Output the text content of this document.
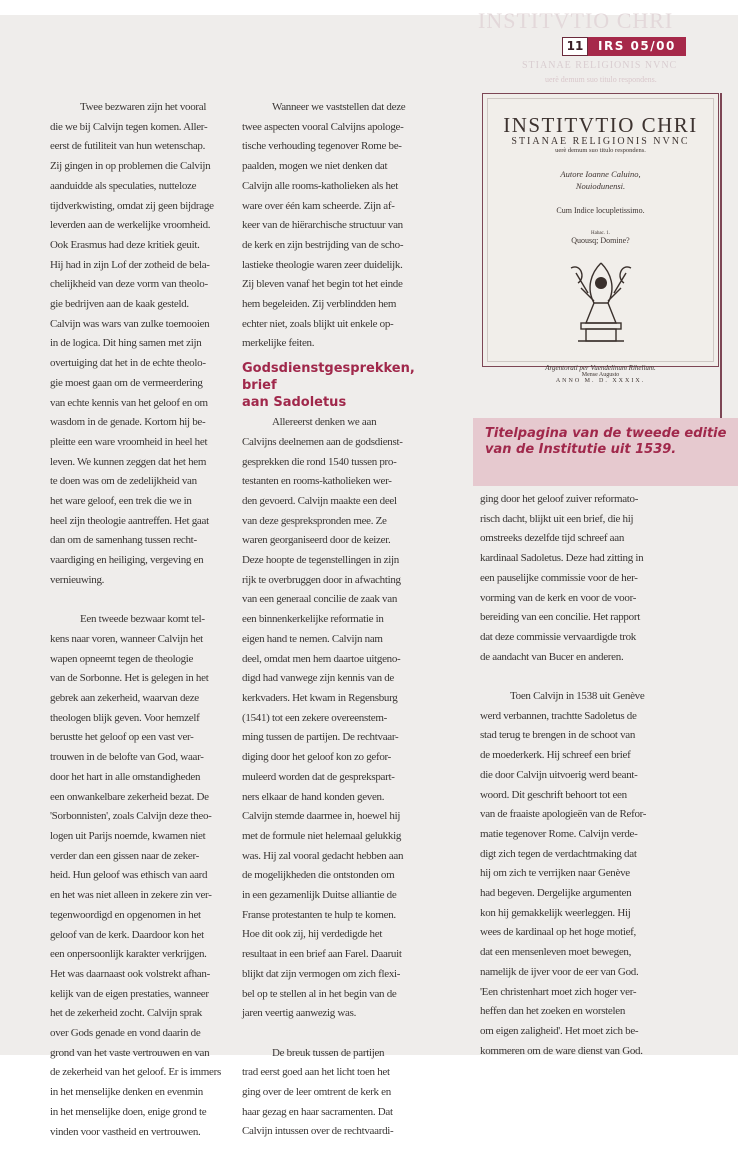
INSTITVTIO CHRI
11	IRS 05/00
STIANAE RELIGIONIS NVNC
uerè demum suo titulo respondens.
Twee bezwaren zijn het vooral
die we bij Calvijn tegen komen. Aller-
eerst de futiliteit van hun wetenschap.
Zij gingen in op problemen die Calvijn
aanduidde als speculaties, nutteloze
tijdverkwisting, omdat zij geen bijdrage
leverden aan de werkelijke vroomheid.
Ook Erasmus had deze kritiek geuit.
Hij had in zijn Lof der zotheid de bela-
chelijkheid van deze vorm van theolo-
gie bedrijven aan de kaak gesteld.
Calvijn was wars van zulke toemooien
in de logica. Dit hing samen met zijn
overtuiging dat het in de echte theolo-
gie moest gaan om de vermeerdering
van echte kennis van het geloof en om
wasdom in de genade. Kortom hij be-
pleitte een ware vroomheid in heel het
leven. We kunnen zeggen dat het hem
te doen was om de zedelijkheid van
het ware geloof, een trek die we in
heel zijn theologie aantreffen. Het gaat
dan om de samenhang tussen recht-
vaardiging en heiliging, vergeving en
vernieuwing.
Een tweede bezwaar komt tel-
kens naar voren, wanneer Calvijn het
wapen opneemt tegen de theologie
van de Sorbonne. Het is gelegen in het
gebrek aan zekerheid, waarvan deze
theologen blijk geven. Voor hemzelf
berustte het geloof op een vast ver-
trouwen in de belofte van God, waar-
door het hart in alle omstandigheden
een onwankelbare zekerheid bezat. De
'Sorbonnisten', zoals Calvijn deze theo-
logen uit Parijs noemde, kwamen niet
verder dan een gissen naar de zeker-
heid. Hun geloof was ethisch van aard
en het was niet alleen in zekere zin ver-
tegenwoordigd en opgenomen in het
geloof van de kerk. Daardoor kon het
een onpersoonlijk karakter verkrijgen.
Het was daarnaast ook volstrekt afhan-
kelijk van de eigen prestaties, wanneer
het de zekerheid zocht. Calvijn sprak
over Gods genade en vond daarin de
grond van het vaste vertrouwen en van
de zekerheid van het geloof. Er is immers
in het menselijke denken en evenmin
in het menselijke doen, enige grond te
vinden voor vastheid en vertrouwen.
Wanneer we vaststellen dat deze
twee aspecten vooral Calvijns apologe-
tische verhouding tegenover Rome be-
paalden, mogen we niet denken dat
Calvijn alle rooms-katholieken als het
ware over één kam scheerde. Zijn af-
keer van de hiërarchische structuur van
de kerk en zijn bestrijding van de scho-
lastieke theologie waren zeer duidelijk.
Zij bleven vanaf het begin tot het einde
hem begeleiden. Zij verblindden hem
echter niet, zoals blijkt uit enkele op-
merkelijke feiten.
Godsdienstgesprekken, brief
aan Sadoletus
Allereerst denken we aan
Calvijns deelnemen aan de godsdienst-
gesprekken die rond 1540 tussen pro-
testanten en rooms-katholieken wer-
den gevoerd. Calvijn maakte een deel
van deze gesprekspronden mee. Ze
waren georganiseerd door de keizer.
Deze hoopte de tegenstellingen in zijn
rijk te overbruggen door in afwachting
van een generaal concilie de zaak van
een binnenkerkelijke reformatie in
eigen hand te nemen. Calvijn nam
deel, omdat men hem daartoe uitgeno-
digd had vanwege zijn kennis van de
kerkvaders. Het kwam in Regensburg
(1541) tot een zekere overeenstem-
ming tussen de partijen. De rechtvaar-
diging door het geloof kon zo gefor-
muleerd worden dat de gesprekspart-
ners elkaar de hand konden geven.
Calvijn stemde daarmee in, hoewel hij
met de formule niet helemaal gelukkig
was. Hij zal vooral gedacht hebben aan
de mogelijkheden die ontstonden om
in een gezamenlijk Duitse alliantie de
Franse protestanten te hulp te komen.
Hoe dit ook zij, hij verdedigde het
resultaat in een brief aan Farel. Daaruit
blijkt dat zijn vermogen om zich flexi-
bel op te stellen al in het begin van de
jaren veertig aanwezig was.
De breuk tussen de partijen
trad eerst goed aan het licht toen het
ging over de leer omtrent de kerk en
haar gezag en haar sacramenten. Dat
Calvijn intussen over de rechtvaardi-
INSTITVTIO CHRI
STIANAE RELIGIONIS NVNC
uerè demum suo titulo respondens.
Autore Ioanne Caluino,
Nouiodunensi.
Cum Indice locupletissimo.
Habac. 1.
Quousq; Domine?
Argentorati per Vuendelinum Rihelium.
Mense Augusto
ANNO M. D. XXXIX.
Titelpagina van de tweede editie van de Institutie uit 1539.
ging door het geloof zuiver reformato-
risch dacht, blijkt uit een brief, die hij
omstreeks dezelfde tijd schreef aan
kardinaal Sadoletus. Deze had zitting in
een pauselijke commissie voor de her-
vorming van de kerk en voor de voor-
bereiding van een concilie. Het rapport
dat deze commissie vervaardigde trok
de aandacht van Bucer en anderen.
Toen Calvijn in 1538 uit Genève
werd verbannen, trachtte Sadoletus de
stad terug te brengen in de schoot van
de moederkerk. Hij schreef een brief
die door Calvijn uitvoerig werd beant-
woord. Dit geschrift behoort tot een
van de fraaiste apologieën van de Refor-
matie tegenover Rome. Calvijn verde-
digt zich tegen de verdachtmaking dat
hij om zich te verrijken naar Genève
had begeven. Dergelijke argumenten
kon hij gemakkelijk weerleggen. Hij
wees de kardinaal op het hoge motief,
dat een mensenleven moet bewegen,
namelijk de ijver voor de eer van God.
'Een christenhart moet zich hoger ver-
heffen dan het zoeken en worstelen
om eigen zaligheid'. Het moet zich be-
kommeren om de ware dienst van God.
